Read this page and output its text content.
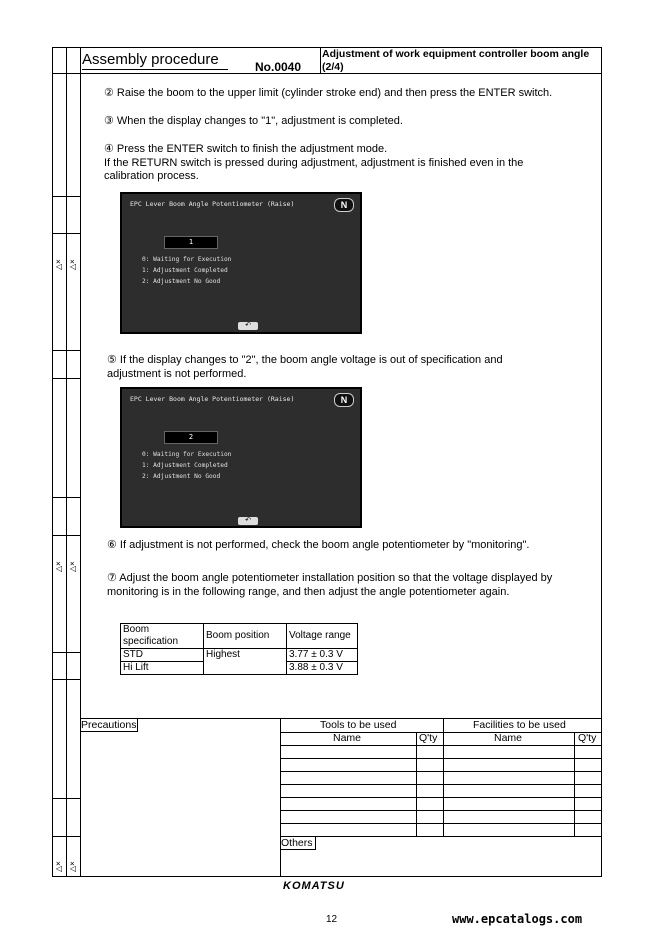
△× △×
△× △×
△× △×
Assembly procedure	No.0040
Adjustment of work equipment controller boom angle (2/4)
② Raise the boom to the upper limit (cylinder stroke end) and then press the ENTER switch.
③ When the display changes to "1", adjustment is completed.
④ Press the ENTER switch to finish the adjustment mode.
If the RETURN switch is pressed during adjustment, adjustment is finished even in the
calibration process.
EPC Lever Boom Angle Potentiometer (Raise)	N
1
0: Waiting for Execution
1: Adjustment Completed
2: Adjustment No Good
↶
⑤ If the display changes to "2", the boom angle voltage is out of specification and
adjustment is not performed.
EPC Lever Boom Angle Potentiometer (Raise)	N
2
0: Waiting for Execution
1: Adjustment Completed
2: Adjustment No Good
↶
⑥ If adjustment is not performed, check the boom angle potentiometer by "monitoring".
⑦ Adjust the boom angle potentiometer installation position so that the voltage displayed by
monitoring is in the following range, and then adjust the angle potentiometer again.
Boom specification	Boom position	Voltage range
STD	Highest	3.77 ± 0.3 V
Hi Lift		3.88 ± 0.3 V
Precautions	Tools to be used	Facilities to be used
Name	Q'ty	Name	Q'ty
Others
KOMATSU
12	www.epcatalogs.com
